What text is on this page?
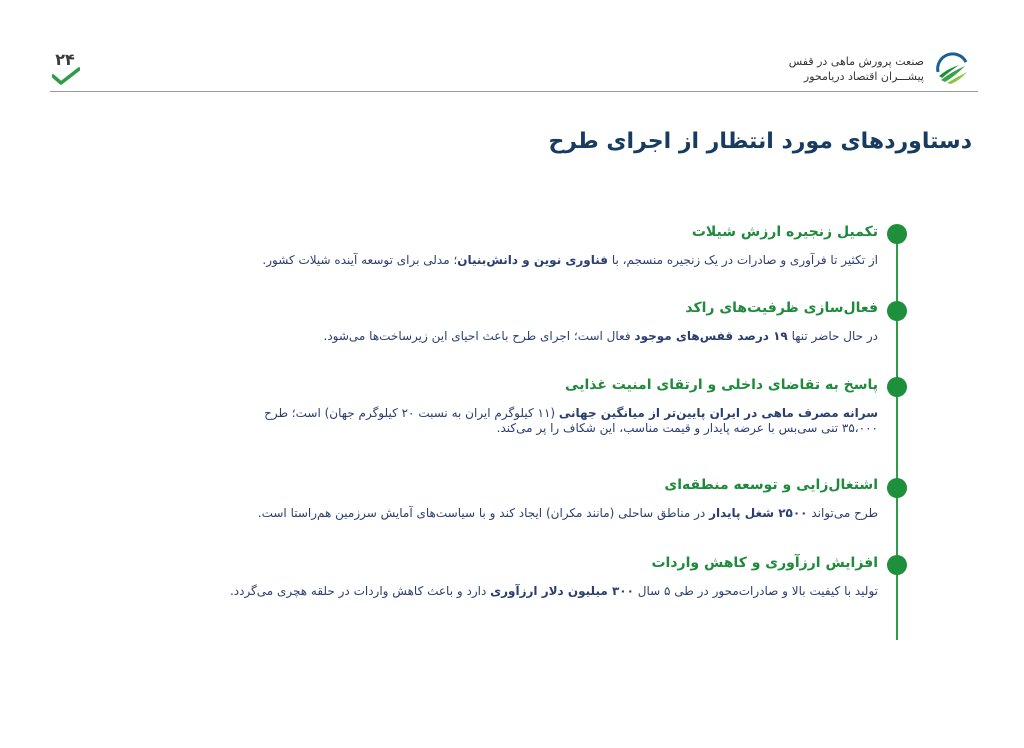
صنعت پرورش ماهی در قفس
پیشـــران اقتصاد دریامحور
۲۴
دستاوردهای مورد انتظار از اجرای طرح
تکمیل زنجیره ارزش شیلات

از تکثیر تا فرآوری و صادرات در یک زنجیره منسجم، با فناوری نوین و دانش‌بنیان؛ مدلی برای توسعه آینده شیلات کشور.

فعال‌سازی ظرفیت‌های راکد

در حال حاضر تنها ۱۹ درصد قفس‌های موجود فعال است؛ اجرای طرح باعث احیای این زیرساخت‌ها می‌شود.

پاسخ به تقاضای داخلی و ارتقای امنیت غذایی

سرانه مصرف ماهی در ایران پایین‌تر از میانگین جهانی (۱۱ کیلوگرم ایران به نسبت ۲۰ کیلوگرم جهان) است؛ طرح ۳۵،۰۰۰ تنی سی‌بس با عرضه پایدار و قیمت مناسب، این شکاف را پر می‌کند.

اشتغال‌زایی و توسعه منطقه‌ای

طرح می‌تواند ۲۵۰۰ شغل پایدار در مناطق ساحلی (مانند مکران) ایجاد کند و با سیاست‌های آمایش سرزمین هم‌راستا است.

افزایش ارزآوری و کاهش واردات

تولید با کیفیت بالا و صادرات‌محور در طی ۵ سال ۳۰۰ میلیون دلار ارزآوری دارد و باعث کاهش واردات در حلقه هچری می‌گردد.
